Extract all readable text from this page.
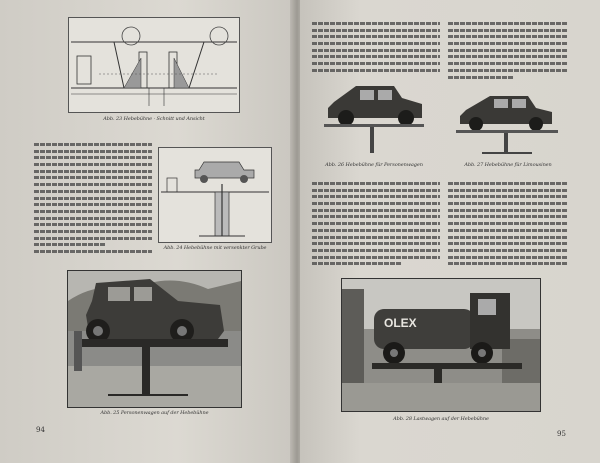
Abb. 23 Hebebühne · Schnitt und Ansicht
Abb. 24 Hebebühne mit versenkter Grube
Abb. 25 Personenwagen auf der Hebebühne
94
Abb. 26 Hebebühne für Personenwagen	Abb. 27 Hebebühne für Limousinen
OLEX
Abb. 28 Lastwagen auf der Hebebühne
95
